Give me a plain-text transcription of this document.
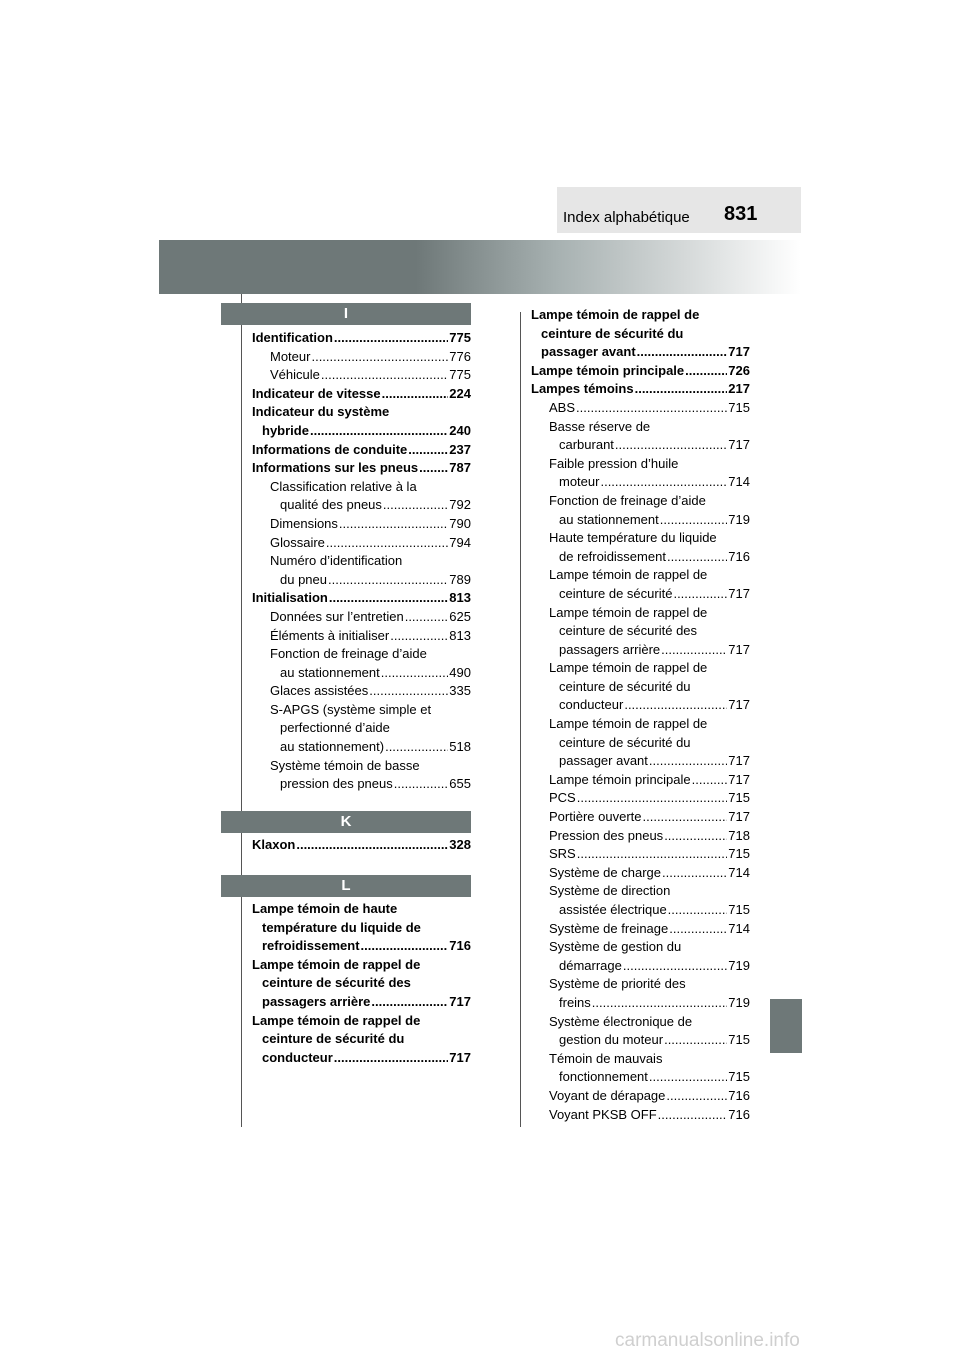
Index alphabétique 831
I
Identification .....	775
Moteur .....	776
Véhicule .....	775
Indicateur de vitesse .....	224
Indicateur du système
hybride .....	240
Informations de conduite .....	237
Informations sur les pneus ..... 787
Classification relative à la
qualité des pneus .....	792
Dimensions .....	790
Glossaire .....	794
Numéro d’identification
du pneu .....	789
Initialisation .....	813
Données sur l’entretien .....	625
Éléments à initialiser .....	813
Fonction de freinage d’aide
au stationnement .....	490
Glaces assistées .....	335
S-APGS (système simple et
perfectionné d’aide
au stationnement) .....	518
Système témoin de basse
pression des pneus .....	655
K
Klaxon .....	328
L
Lampe témoin de haute
température du liquide de
refroidissement .....	716
Lampe témoin de rappel de
ceinture de sécurité des
passagers arrière .....	717
Lampe témoin de rappel de
ceinture de sécurité du
conducteur .....	717
Lampe témoin de rappel de
ceinture de sécurité du
passager avant .....	717
Lampe témoin principale .....	726
Lampes témoins .....	217
ABS .....	715
Basse réserve de
carburant .....	717
Faible pression d’huile
moteur .....	714
Fonction de freinage d’aide
au stationnement .....	719
Haute température du liquide
de refroidissement .....	716
Lampe témoin de rappel de
ceinture de sécurité .....	717
Lampe témoin de rappel de
ceinture de sécurité des
passagers arrière .....	717
Lampe témoin de rappel de
ceinture de sécurité du
conducteur .....	717
Lampe témoin de rappel de
ceinture de sécurité du
passager avant .....	717
Lampe témoin principale .....	717
PCS .....	715
Portière ouverte .....	717
Pression des pneus .....	718
SRS .....	715
Système de charge .....	714
Système de direction
assistée électrique .....	715
Système de freinage .....	714
Système de gestion du
démarrage .....	719
Système de priorité des
freins .....	719
Système électronique de
gestion du moteur .....	715
Témoin de mauvais
fonctionnement .....	715
Voyant de dérapage .....	716
Voyant PKSB OFF .....	716
carmanualsonline.info
